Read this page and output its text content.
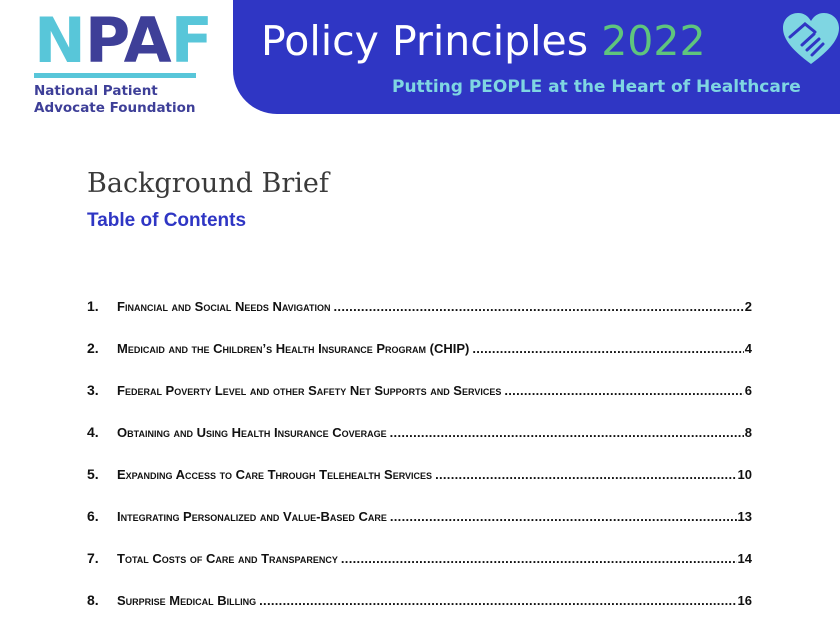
NPAF
National Patient
Advocate Foundation
Policy Principles 2022
Putting PEOPLE at the Heart of Healthcare
Background Brief
Table of Contents
1.	Financial and Social Needs Navigation .....	2
2.	Medicaid and the Children’s Health Insurance Program (CHIP) .....	4
3.	Federal Poverty Level and other Safety Net Supports and Services .....	6
4.	Obtaining and Using Health Insurance Coverage .....	8
5.	Expanding Access to Care Through Telehealth Services .....	10
6.	Integrating Personalized and Value-Based Care .....	13
7.	Total Costs of Care and Transparency .....	14
8.	Surprise Medical Billing .....	16
